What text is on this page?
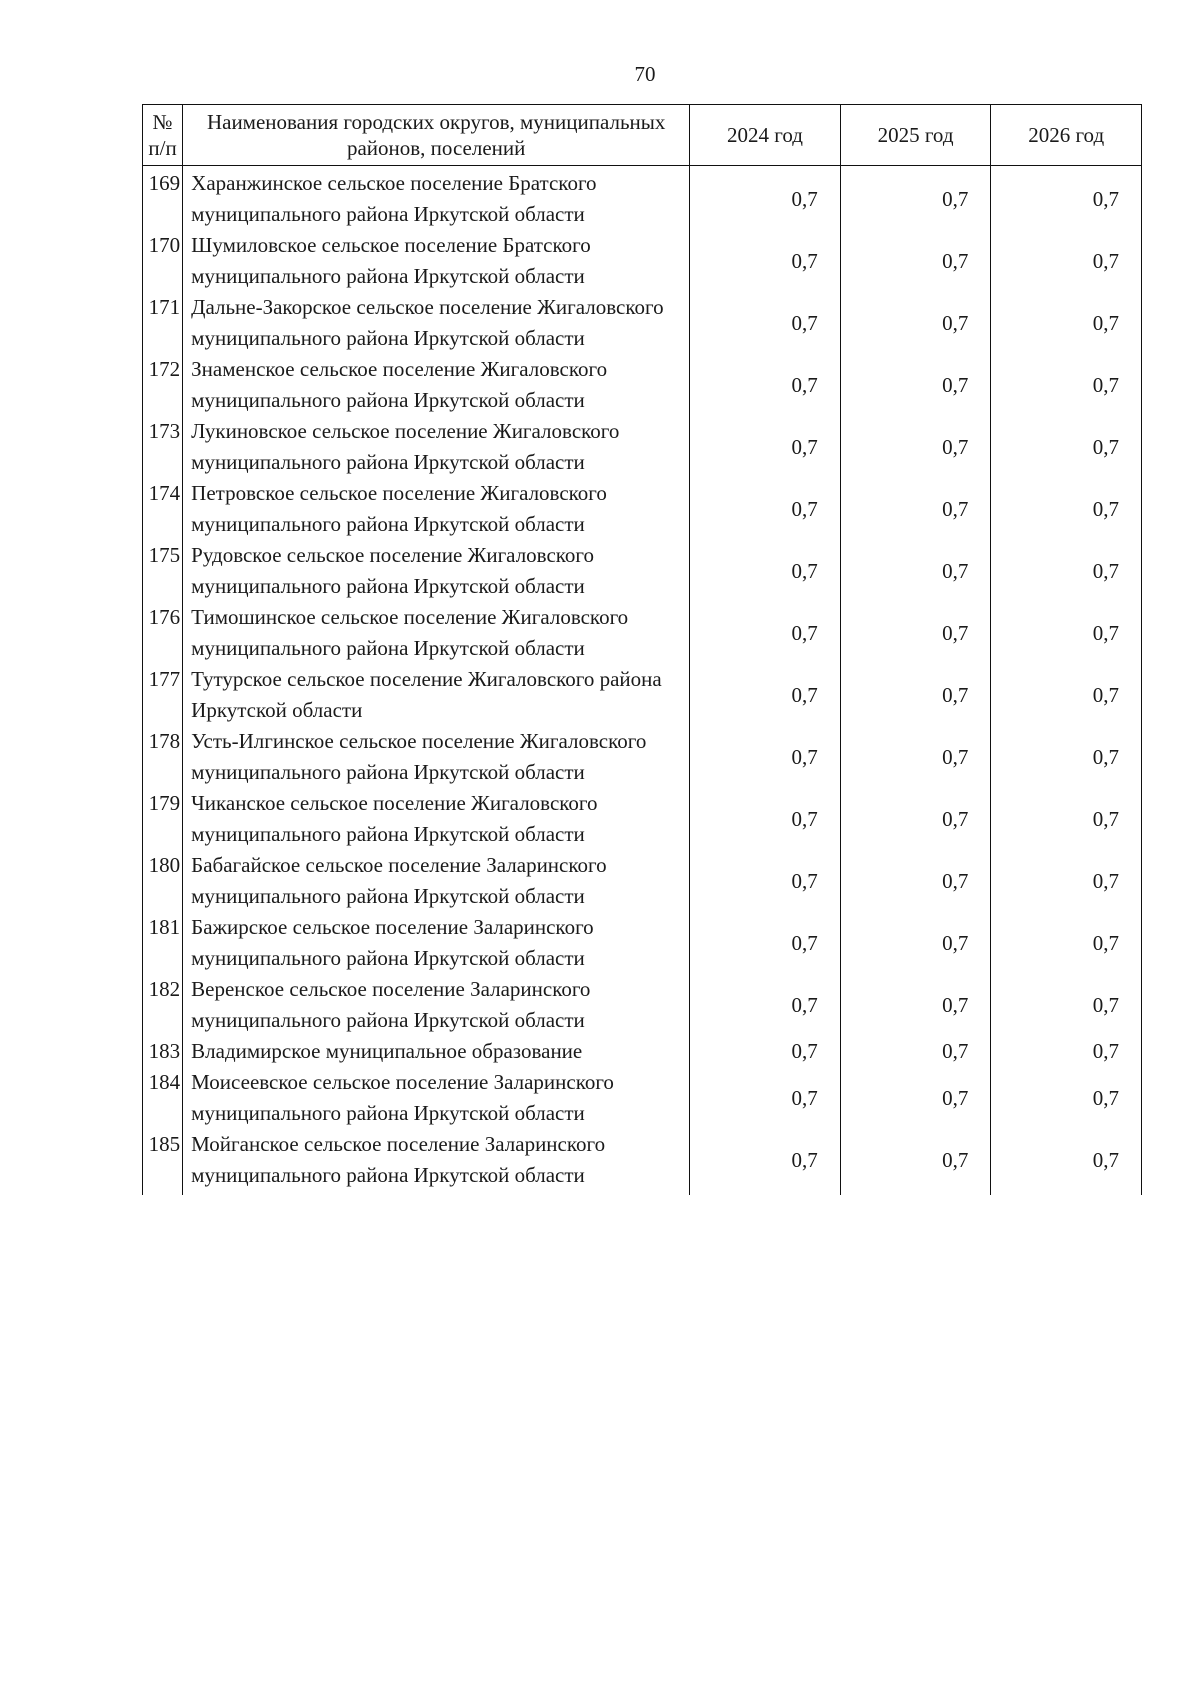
70
№ п/п	Наименования городских округов, муниципальных районов, поселений	2024 год	2025 год	2026 год
169	Харанжинское сельское поселение Братского муниципального района Иркутской области	0,7	0,7	0,7
170	Шумиловское сельское поселение Братского муниципального района Иркутской области	0,7	0,7	0,7
171	Дальне-Закорское сельское поселение Жигаловского муниципального района Иркутской области	0,7	0,7	0,7
172	Знаменское сельское поселение Жигаловского муниципального района Иркутской области	0,7	0,7	0,7
173	Лукиновское сельское поселение Жигаловского муниципального района Иркутской области	0,7	0,7	0,7
174	Петровское сельское поселение Жигаловского муниципального района Иркутской области	0,7	0,7	0,7
175	Рудовское сельское поселение Жигаловского муниципального района Иркутской области	0,7	0,7	0,7
176	Тимошинское сельское поселение Жигаловского муниципального района Иркутской области	0,7	0,7	0,7
177	Тутурское сельское поселение Жигаловского района Иркутской области	0,7	0,7	0,7
178	Усть-Илгинское сельское поселение Жигаловского муниципального района Иркутской области	0,7	0,7	0,7
179	Чиканское сельское поселение Жигаловского муниципального района Иркутской области	0,7	0,7	0,7
180	Бабагайское сельское поселение Заларинского муниципального района Иркутской области	0,7	0,7	0,7
181	Бажирское сельское поселение Заларинского муниципального района Иркутской области	0,7	0,7	0,7
182	Веренское сельское поселение Заларинского муниципального района Иркутской области	0,7	0,7	0,7
183	Владимирское муниципальное образование	0,7	0,7	0,7
184	Моисеевское сельское поселение Заларинского муниципального района Иркутской области	0,7	0,7	0,7
185	Мойганское сельское поселение Заларинского муниципального района Иркутской области	0,7	0,7	0,7
